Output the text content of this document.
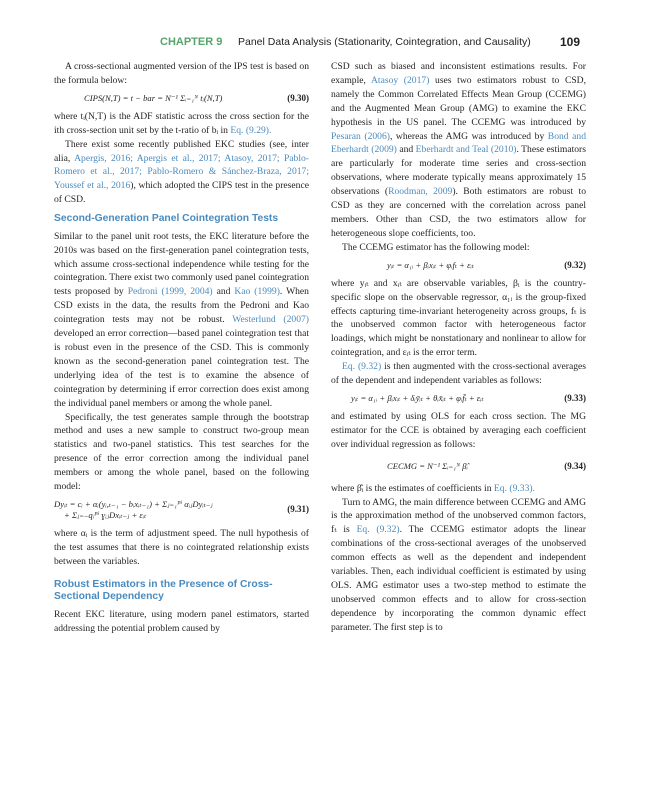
CHAPTER 9 Panel Data Analysis (Stationarity, Cointegration, and Causality) 109

A cross-sectional augmented version of the IPS test is based on the formula below:

CIPS(N,T) = t − bar = N⁻¹ Σᵢ₌₁ᴺ tᵢ(N,T)	(9.30)

where tᵢ(N,T) is the ADF statistic across the cross section for the ith cross-section unit set by the t-ratio of bᵢ in Eq. (9.29).

There exist some recently published EKC studies (see, inter alia, Apergis, 2016; Apergis et al., 2017; Atasoy, 2017; Pablo-Romero et al., 2017; Pablo-Romero & Sánchez-Braza, 2017; Youssef et al., 2016), which adopted the CIPS test in the presence of CSD.

Second-Generation Panel Cointegration Tests

Similar to the panel unit root tests, the EKC literature before the 2010s was based on the first-generation panel cointegration tests, which assume cross-sectional independence while testing for the cointegration. There exist two commonly used panel cointegration tests proposed by Pedroni (1999, 2004) and Kao (1999). When CSD exists in the data, the results from the Pedroni and Kao cointegration tests may not be robust. Westerlund (2007) developed an error correction—based panel cointegration test that is robust even in the presence of the CSD. This is commonly known as the second-generation panel cointegration test. The underlying idea of the test is to examine the absence of cointegration by determining if error correction does exist among the individual panel members or among the whole panel.

Specifically, the test generates sample through the bootstrap method and uses a new sample to construct two-group mean statistics and two-panel statistics. This test searches for the presence of the error correction among the individual panel members or among the whole panel, based on the following model:

Dyᵢₜ = cᵢ + αᵢ(yᵢ,ₜ₋₁ − bᵢxᵢₜ₋₁) + Σⱼ₌₁ᴾⁱ αᵢⱼDyᵢₜ₋ⱼ
+ Σⱼ₌₋qᵢᴾⁱ ɣᵢⱼDxᵢₜ₋ⱼ + εᵢₜ
(9.31)

where αᵢ is the term of adjustment speed. The null hypothesis of the test assumes that there is no cointegrated relationship exists between the variables.

Robust Estimators in the Presence of Cross-Sectional Dependency

Recent EKC literature, using modern panel estimators, started addressing the potential problem caused by

CSD such as biased and inconsistent estimations results. For example, Atasoy (2017) uses two estimators robust to CSD, namely the Common Correlated Effects Mean Group (CCEMG) and the Augmented Mean Group (AMG) to examine the EKC hypothesis in the US panel. The CCEMG was introduced by Pesaran (2006), whereas the AMG was introduced by Bond and Eberhardt (2009) and Eberhardt and Teal (2010). These estimators are particularly for moderate time series and cross-section observations, where moderate typically means approximately 15 observations (Roodman, 2009). Both estimators are robust to CSD as they are concerned with the correlation across panel members. Other than CSD, the two estimators allow for heterogeneous slope coefficients, too.

The CCEMG estimator has the following model:

yᵢₜ = α₁ᵢ + βᵢxᵢₜ + φᵢfₜ + εᵢₜ	(9.32)

where yᵢₜ and xᵢₜ are observable variables, βᵢ is the country-specific slope on the observable regressor, α₁ᵢ is the group-fixed effects capturing time-invariant heterogeneity across groups, fₜ is the unobserved common factor with heterogeneous factor loadings, which might be nonstationary and nonlinear to allow for cointegration, and εᵢₜ is the error term.

Eq. (9.32) is then augmented with the cross-sectional averages of the dependent and independent variables as follows:

yᵢₜ = α₁ᵢ + βᵢxᵢₜ + δᵢȳᵢₜ + θᵢx̄ᵢₜ + φᵢf̄ₜ + εᵢₜ	(9.33)

and estimated by using OLS for each cross section. The MG estimator for the CCE is obtained by averaging each coefficient over individual regression as follows:

CECMG = N⁻¹ Σᵢ₌₁ᴺ β̂ᵢ	(9.34)

where β̂ᵢ is the estimates of coefficients in Eq. (9.33).

Turn to AMG, the main difference between CCEMG and AMG is the approximation method of the unobserved common factors, fₜ is Eq. (9.32). The CCEMG estimator adopts the linear combinations of the cross-sectional averages of the unobserved common effects as well as the dependent and independent variables. Then, each individual coefficient is estimated by using OLS. AMG estimator uses a two-step method to estimate the unobserved common effects and to allow for cross-section dependence by incorporating the common dynamic effect parameter. The first step is to
